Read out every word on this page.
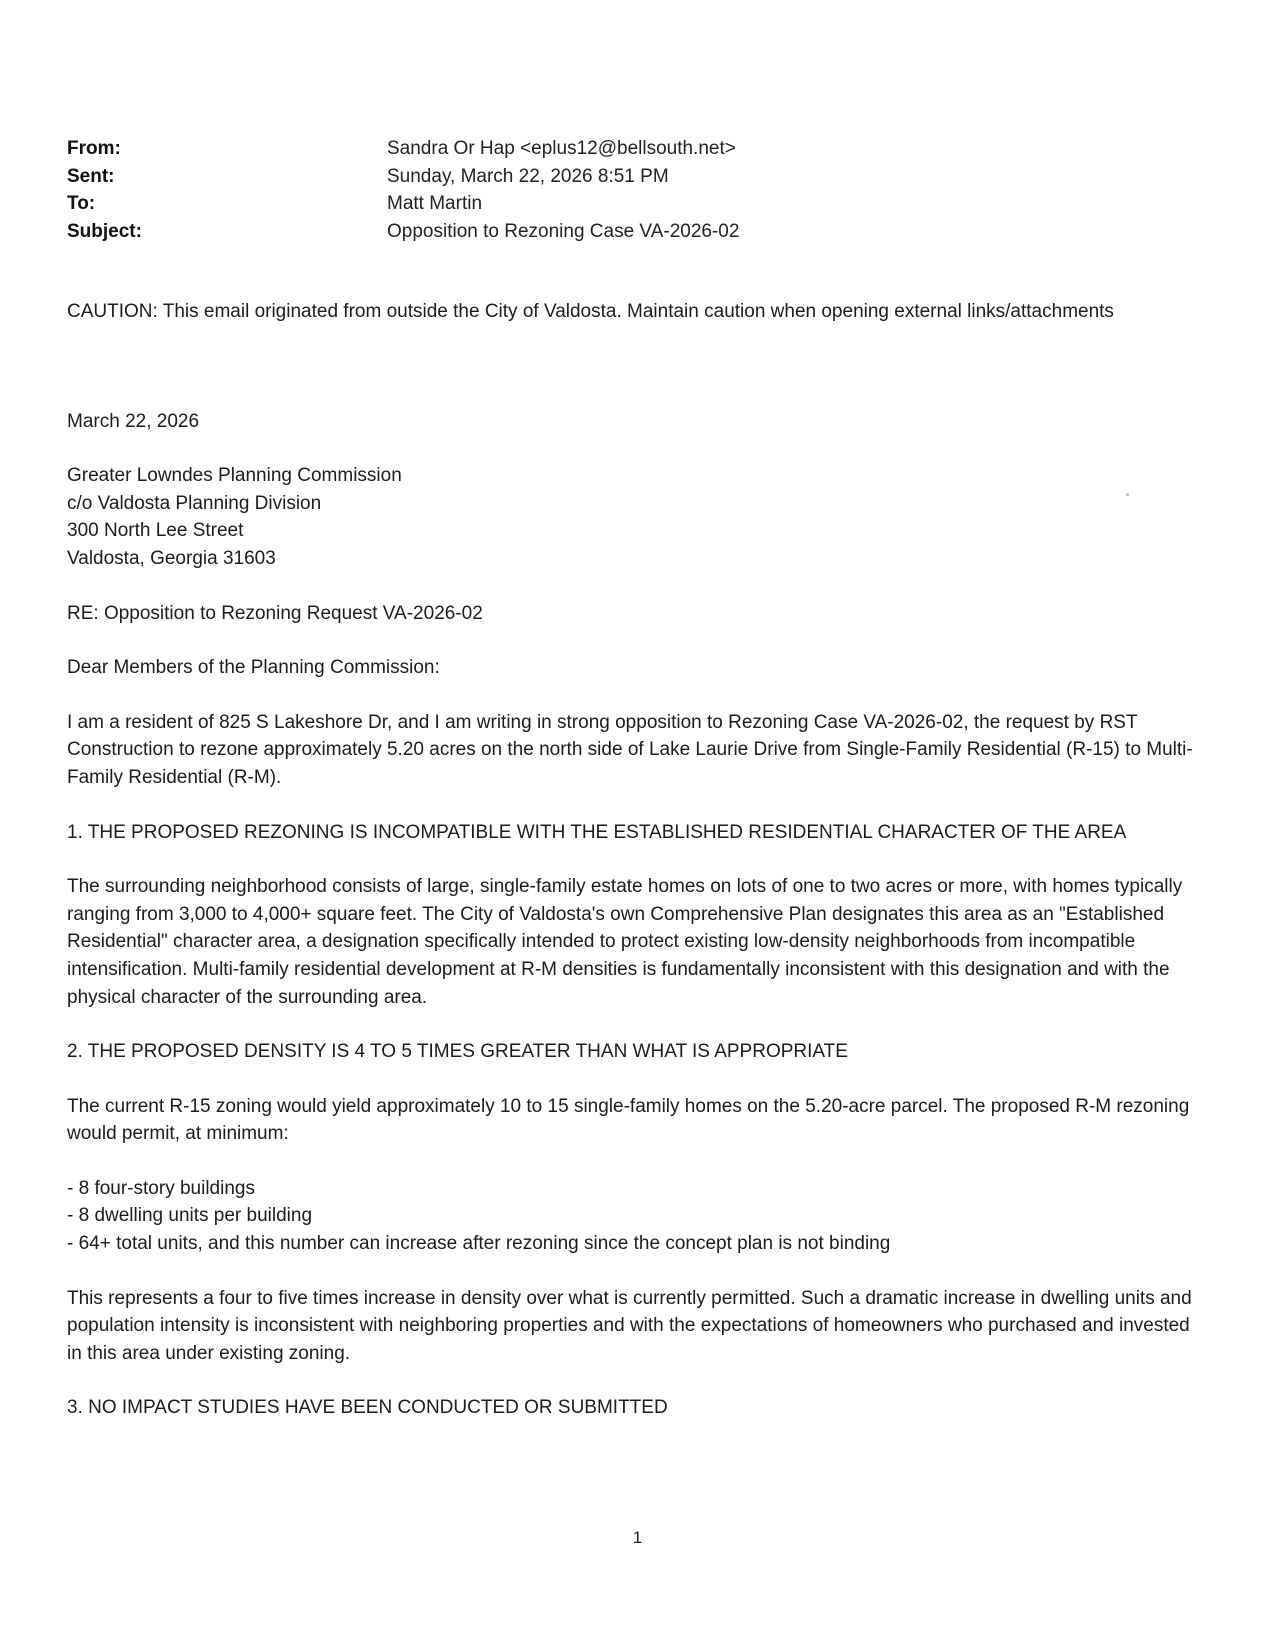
From:	Sandra Or Hap <eplus12@bellsouth.net>
Sent:	Sunday, March 22, 2026 8:51 PM
To:	Matt Martin
Subject:	Opposition to Rezoning Case VA-2026-02

CAUTION: This email originated from outside the City of Valdosta. Maintain caution when opening external links/attachments

March 22, 2026

Greater Lowndes Planning Commission

c/o Valdosta Planning Division

300 North Lee Street

Valdosta, Georgia 31603

RE: Opposition to Rezoning Request VA-2026-02

Dear Members of the Planning Commission:

I am a resident of 825 S Lakeshore Dr, and I am writing in strong opposition to Rezoning Case VA-2026-02, the request by RST Construction to rezone approximately 5.20 acres on the north side of Lake Laurie Drive from Single-Family Residential (R-15) to Multi-Family Residential (R-M).

1. THE PROPOSED REZONING IS INCOMPATIBLE WITH THE ESTABLISHED RESIDENTIAL CHARACTER OF THE AREA

The surrounding neighborhood consists of large, single-family estate homes on lots of one to two acres or more, with homes typically ranging from 3,000 to 4,000+ square feet. The City of Valdosta's own Comprehensive Plan designates this area as an "Established Residential" character area, a designation specifically intended to protect existing low-density neighborhoods from incompatible intensification. Multi-family residential development at R-M densities is fundamentally inconsistent with this designation and with the physical character of the surrounding area.

2. THE PROPOSED DENSITY IS 4 TO 5 TIMES GREATER THAN WHAT IS APPROPRIATE

The current R-15 zoning would yield approximately 10 to 15 single-family homes on the 5.20-acre parcel. The proposed R-M rezoning would permit, at minimum:

- 8 four-story buildings
- 8 dwelling units per building
- 64+ total units, and this number can increase after rezoning since the concept plan is not binding

This represents a four to five times increase in density over what is currently permitted. Such a dramatic increase in dwelling units and population intensity is inconsistent with neighboring properties and with the expectations of homeowners who purchased and invested in this area under existing zoning.

3. NO IMPACT STUDIES HAVE BEEN CONDUCTED OR SUBMITTED

1
